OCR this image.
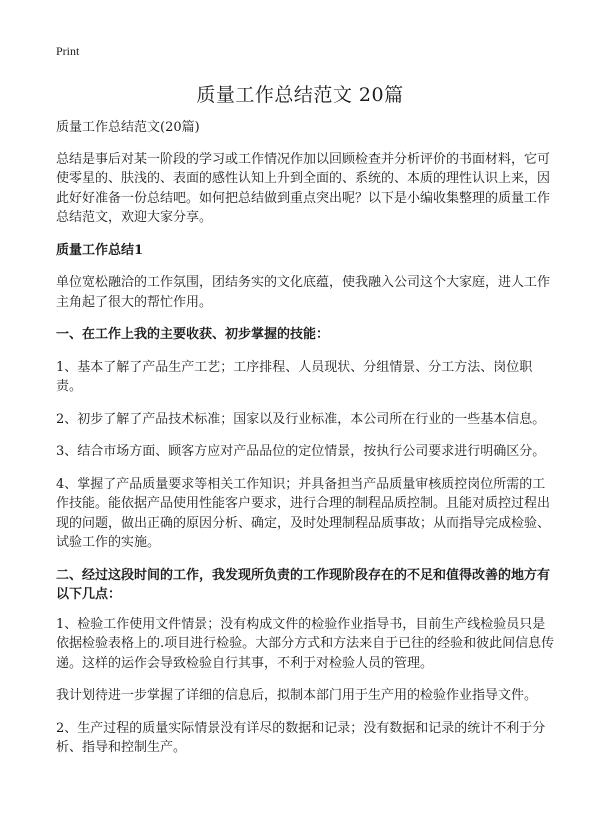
Print
质量工作总结范文 20篇

质量工作总结范文(20篇)

总结是事后对某一阶段的学习或工作情况作加以回顾检查并分析评价的书面材料，它可使零星的、肤浅的、表面的感性认知上升到全面的、系统的、本质的理性认识上来，因此好好准备一份总结吧。如何把总结做到重点突出呢？以下是小编收集整理的质量工作总结范文，欢迎大家分享。

质量工作总结1

单位宽松融洽的工作氛围，团结务实的文化底蕴，使我融入公司这个大家庭，进人工作主角起了很大的帮忙作用。

一、在工作上我的主要收获、初步掌握的技能：

1、基本了解了产品生产工艺；工序排程、人员现状、分组情景、分工方法、岗位职责。

2、初步了解了产品技术标准；国家以及行业标准，本公司所在行业的一些基本信息。

3、结合市场方面、顾客方应对产品品位的定位情景，按执行公司要求进行明确区分。

4、掌握了产品质量要求等相关工作知识；并具备担当产品质量审核质控岗位所需的工作技能。能依据产品使用性能客户要求，进行合理的制程品质控制。且能对质控过程出现的问题，做出正确的原因分析、确定，及时处理制程品质事故；从而指导完成检验、试验工作的实施。

二、经过这段时间的工作，我发现所负责的工作现阶段存在的不足和值得改善的地方有以下几点：

1、检验工作使用文件情景；没有构成文件的检验作业指导书，目前生产线检验员只是依据检验表格上的.项目进行检验。大部分方式和方法来自于已往的经验和彼此间信息传递。这样的运作会导致检验自行其事，不利于对检验人员的管理。

我计划待进一步掌握了详细的信息后，拟制本部门用于生产用的检验作业指导文件。

2、生产过程的质量实际情景没有详尽的数据和记录；没有数据和记录的统计不利于分析、指导和控制生产。
